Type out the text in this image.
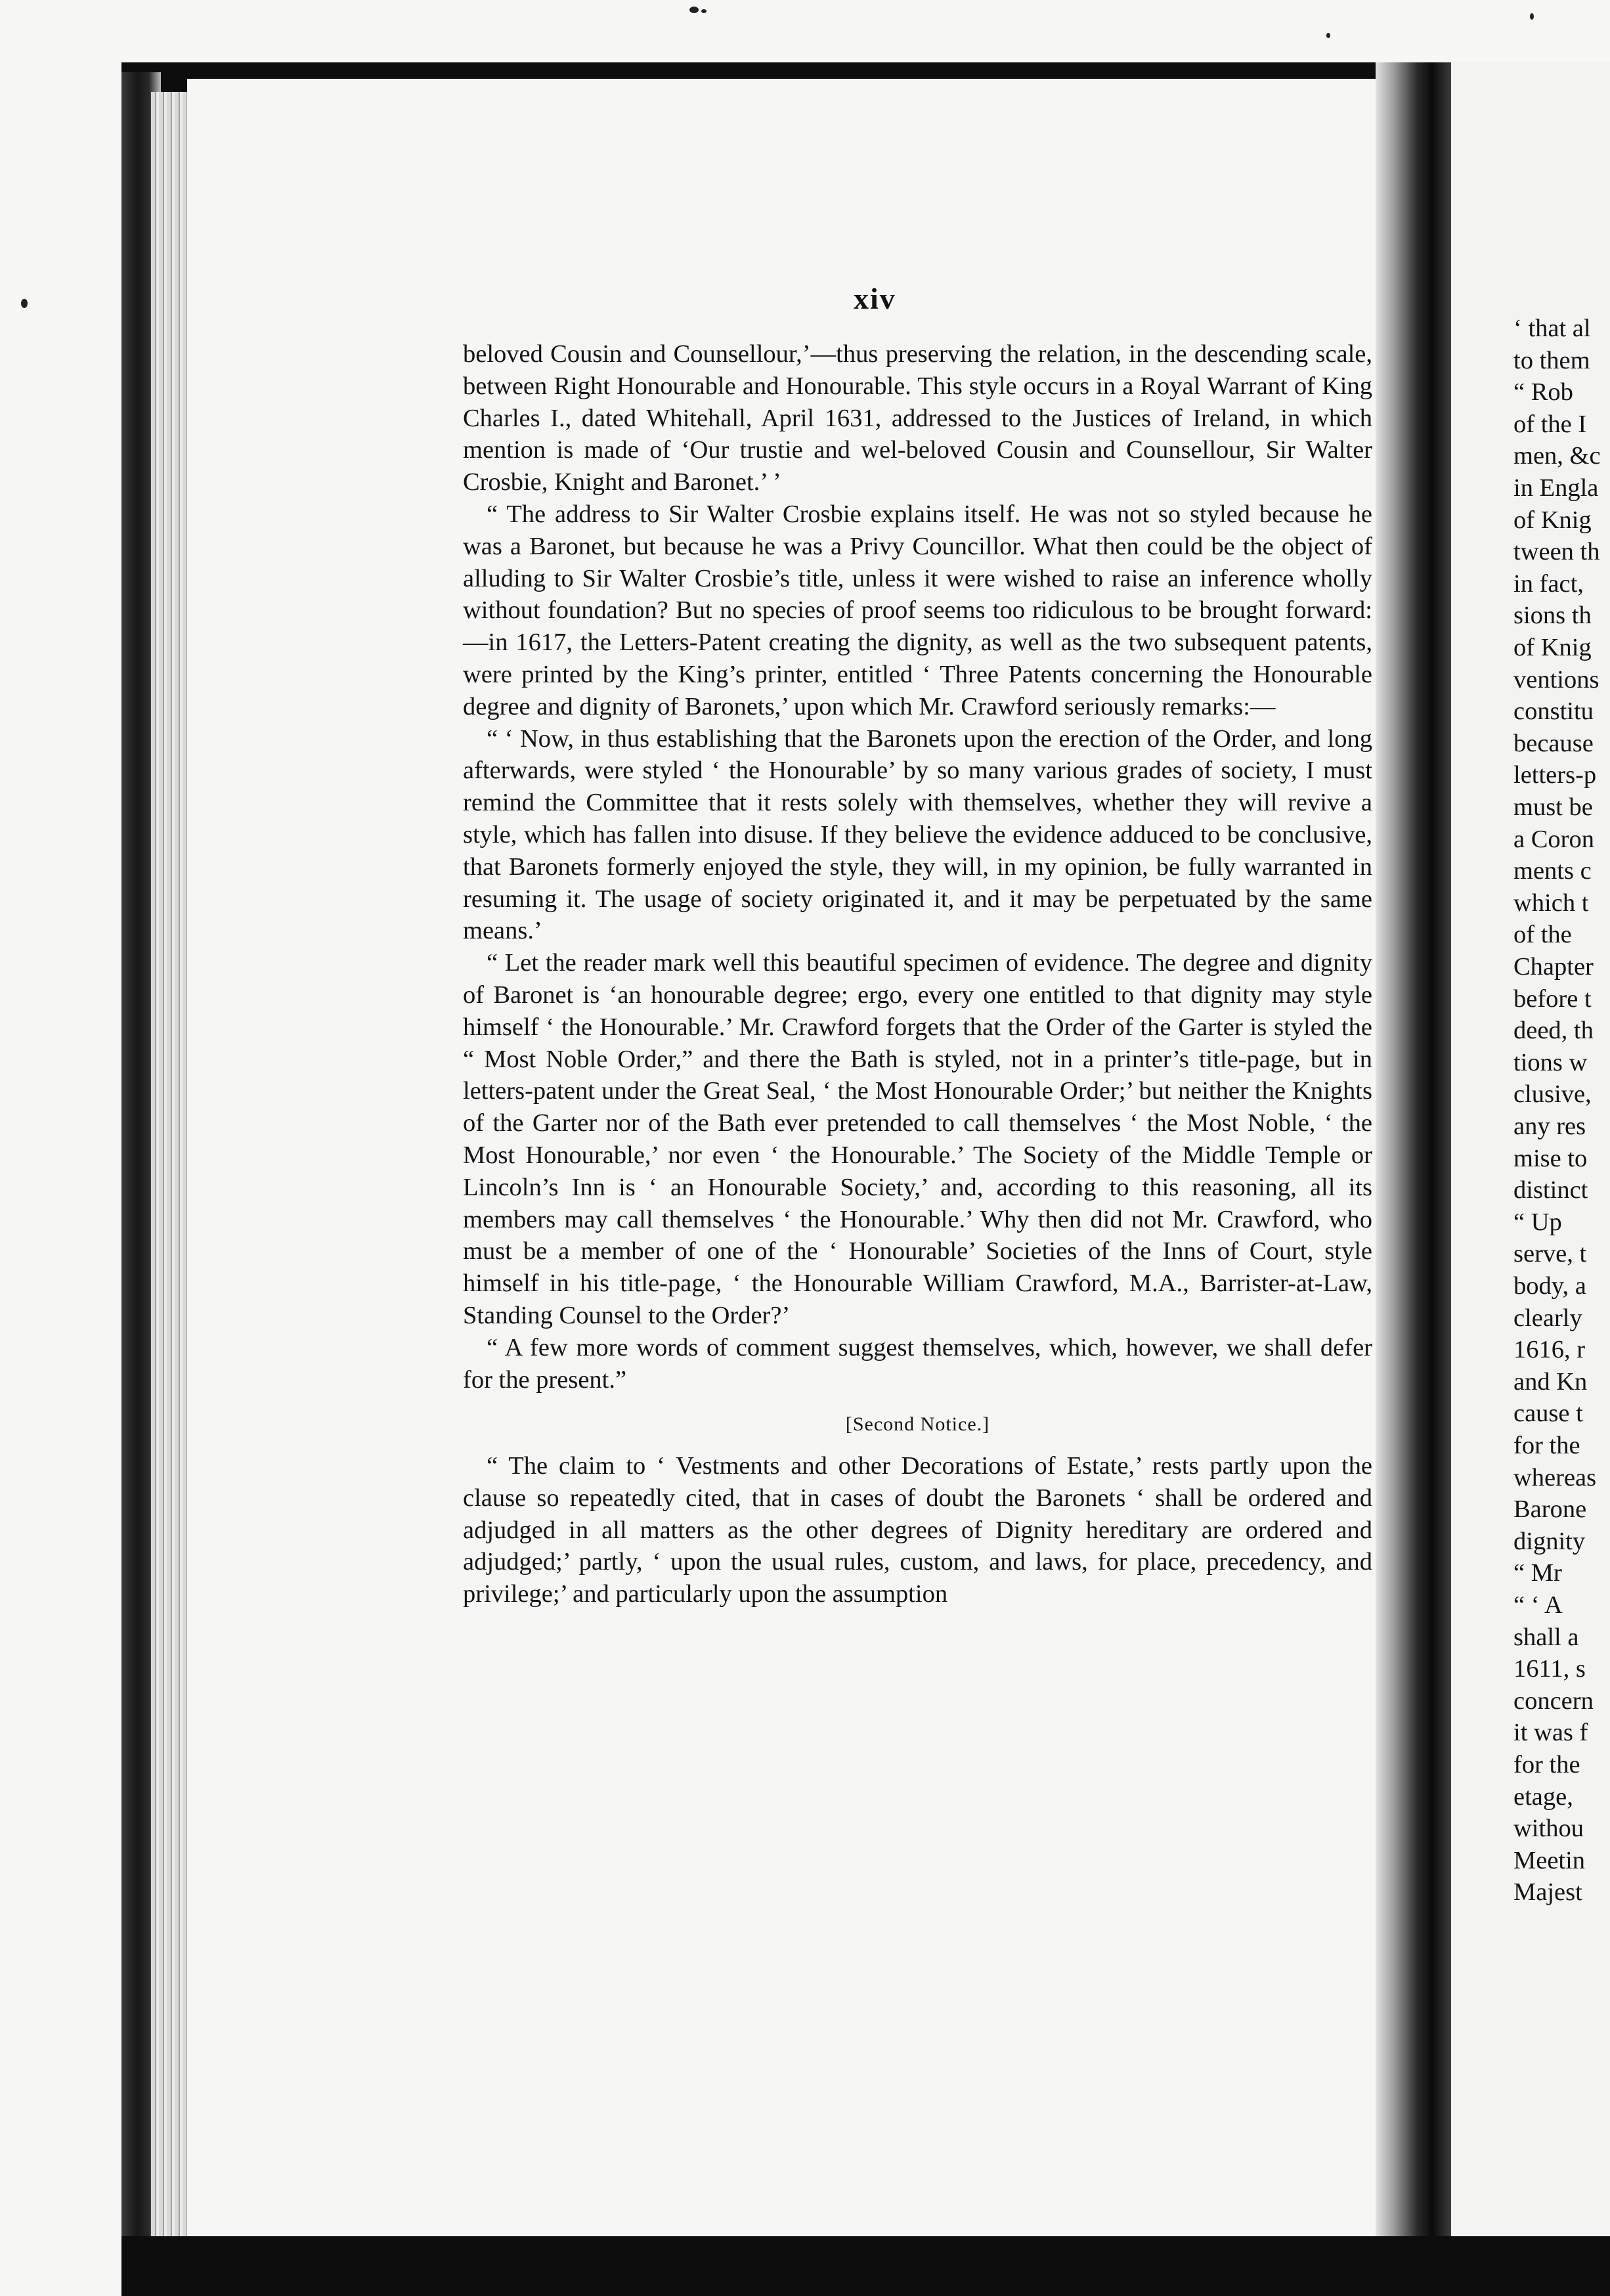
xiv

beloved Cousin and Counsellour,’—thus preserving the relation, in the descending scale, between Right Honourable and Honourable. This style occurs in a Royal Warrant of King Charles I., dated Whitehall, April 1631, addressed to the Justices of Ireland, in which mention is made of ‘Our trustie and wel-beloved Cousin and Counsellour, Sir Walter Crosbie, Knight and Baronet.’ ’

“ The address to Sir Walter Crosbie explains itself. He was not so styled because he was a Baronet, but because he was a Privy Councillor. What then could be the object of alluding to Sir Walter Crosbie’s title, unless it were wished to raise an inference wholly without foundation? But no species of proof seems too ridiculous to be brought forward:—in 1617, the Letters-Patent creating the dignity, as well as the two subsequent patents, were printed by the King’s printer, entitled ‘ Three Patents concerning the Honourable degree and dignity of Baronets,’ upon which Mr. Crawford seriously remarks:—

“ ‘ Now, in thus establishing that the Baronets upon the erection of the Order, and long afterwards, were styled ‘ the Honourable’ by so many various grades of society, I must remind the Committee that it rests solely with themselves, whether they will revive a style, which has fallen into disuse. If they believe the evidence adduced to be conclusive, that Baronets formerly enjoyed the style, they will, in my opinion, be fully warranted in resuming it. The usage of society originated it, and it may be perpetuated by the same means.’

“ Let the reader mark well this beautiful specimen of evidence. The degree and dignity of Baronet is ‘an honourable degree; ergo, every one entitled to that dignity may style himself ‘ the Honourable.’ Mr. Crawford forgets that the Order of the Garter is styled the “ Most Noble Order,” and there the Bath is styled, not in a printer’s title-page, but in letters-patent under the Great Seal, ‘ the Most Honourable Order;’ but neither the Knights of the Garter nor of the Bath ever pretended to call themselves ‘ the Most Noble, ‘ the Most Honourable,’ nor even ‘ the Honourable.’ The Society of the Middle Temple or Lincoln’s Inn is ‘ an Honourable Society,’ and, according to this reasoning, all its members may call themselves ‘ the Honourable.’ Why then did not Mr. Crawford, who must be a member of one of the ‘ Honourable’ Societies of the Inns of Court, style himself in his title-page, ‘ the Honourable William Crawford, M.A., Barrister-at-Law, Standing Counsel to the Order?’

“ A few more words of comment suggest themselves, which, however, we shall defer for the present.”

[Second Notice.]

“ The claim to ‘ Vestments and other Decorations of Estate,’ rests partly upon the clause so repeatedly cited, that in cases of doubt the Baronets ‘ shall be ordered and adjudged in all matters as the other degrees of Dignity hereditary are ordered and adjudged;’ partly, ‘ upon the usual rules, custom, and laws, for place, precedency, and privilege;’ and particularly upon the assumption

‘ that al
to them
“ Rob
of the I
men, &c
in Engla
of Knig
tween th
in fact,
sions th
of Knig
ventions
constitu
because
letters-p
must be
a Coron
ments c
which t
of the
Chapter
before t
deed, th
tions w
clusive,
any res
mise to
distinct
“ Up
serve, t
body, a
clearly
1616, r
and Kn
cause t
for the
whereas
Barone
dignity
“ Mr
“ ‘ A
shall a
1611, s
concern
it was f
for the
etage,
withou
Meetin
Majest
